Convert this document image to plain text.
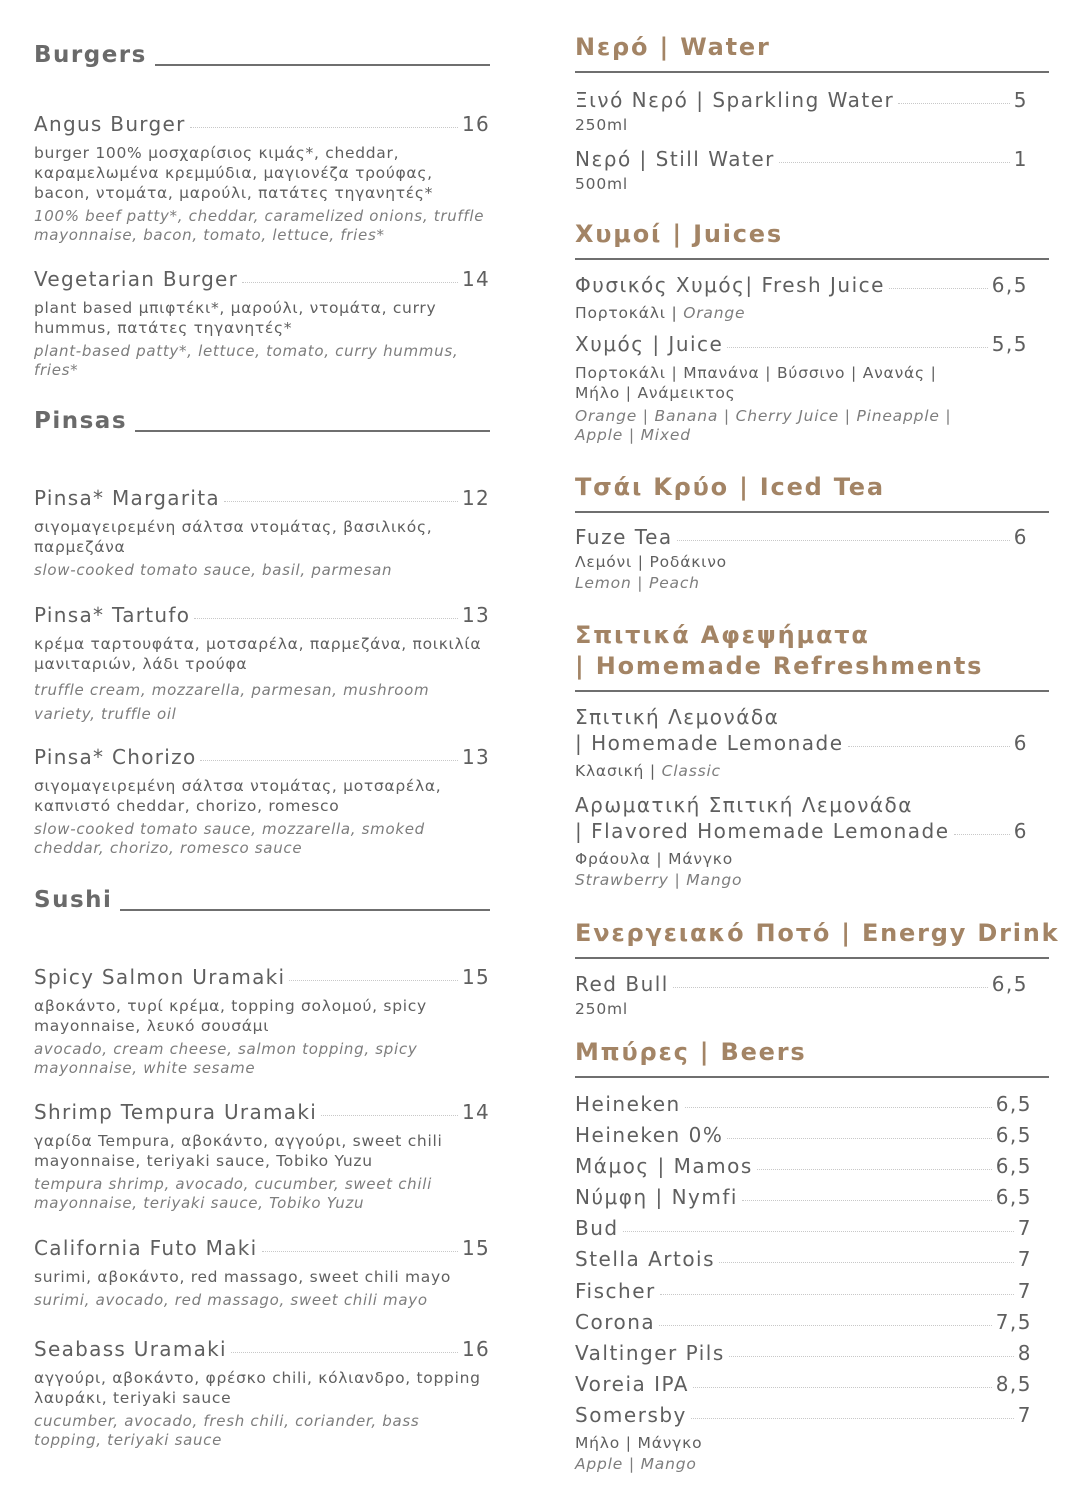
Burgers
Angus Burger	16
burger 100% μοσχαρίσιος κιμάς*, cheddar, καραμελωμένα κρεμμύδια, μαγιονέζα τρούφας, bacon, ντομάτα, μαρούλι, πατάτες τηγανητές*
100% beef patty*, cheddar, caramelized onions, truffle mayonnaise, bacon, tomato, lettuce, fries*
Vegetarian Burger	14
plant based μπιφτέκι*, μαρούλι, ντομάτα, curry hummus, πατάτες τηγανητές*
plant-based patty*, lettuce, tomato, curry hummus, fries*
Pinsas
Pinsa* Margarita	12
σιγομαγειρεμένη σάλτσα ντομάτας, βασιλικός, παρμεζάνα
slow-cooked tomato sauce, basil, parmesan
Pinsa* Tartufo	13
κρέμα ταρτουφάτα, μοτσαρέλα, παρμεζάνα, ποικιλία μανιταριών, λάδι τρούφα
truffle cream, mozzarella, parmesan, mushroom variety, truffle oil
Pinsa* Chorizo	13
σιγομαγειρεμένη σάλτσα ντομάτας, μοτσαρέλα, καπνιστό cheddar, chorizo, romesco
slow-cooked tomato sauce, mozzarella, smoked cheddar, chorizo, romesco sauce
Sushi
Spicy Salmon Uramaki	15
αβοκάντο, τυρί κρέμα, topping σολομού, spicy mayonnaise, λευκό σουσάμι
avocado, cream cheese, salmon topping, spicy mayonnaise, white sesame
Shrimp Tempura Uramaki	14
γαρίδα Tempura, αβοκάντο, αγγούρι, sweet chili mayonnaise, teriyaki sauce, Tobiko Yuzu
tempura shrimp, avocado, cucumber, sweet chili mayonnaise, teriyaki sauce, Tobiko Yuzu
California Futo Maki	15
surimi, αβοκάντο, red massago, sweet chili mayo
surimi, avocado, red massago, sweet chili mayo
Seabass Uramaki	16
αγγούρι, αβοκάντο, φρέσκο chili, κόλιανδρο, topping λαυράκι, teriyaki sauce
cucumber, avocado, fresh chili, coriander, bass topping, teriyaki sauce
Νερό | Water
Ξινό Νερό | Sparkling Water	5
250ml
Νερό | Still Water	1
500ml
Χυμοί | Juices
Φυσικός Χυμός| Fresh Juice	6,5
Πορτοκάλι | Orange
Χυμός | Juice	5,5
Πορτοκάλι | Μπανάνα | Βύσσινο | Ανανάς | Μήλο | Ανάμεικτος
Orange | Banana | Cherry Juice | Pineapple | Apple | Mixed
Τσάι Κρύο | Iced Tea
Fuze Tea	6
Λεμόνι | Ροδάκινο
Lemon | Peach
Σπιτικά Αφεψήματα
| Homemade Refreshments
Σπιτική Λεμονάδα
| Homemade Lemonade	6
Κλασική | Classic
Αρωματική Σπιτική Λεμονάδα
| Flavored Homemade Lemonade	6
Φράουλα | Μάνγκο
Strawberry | Mango
Ενεργειακό Ποτό | Energy Drink
Red Bull	6,5
250ml
Μπύρες | Beers
Heineken	6,5
Heineken 0%	6,5
Μάμος | Mamos	6,5
Νύμφη | Nymfi	6,5
Bud	7
Stella Artois	7
Fischer	7
Corona	7,5
Valtinger Pils	8
Voreia IPA	8,5
Somersby	7
Μήλο | Μάνγκο
Apple | Mango
